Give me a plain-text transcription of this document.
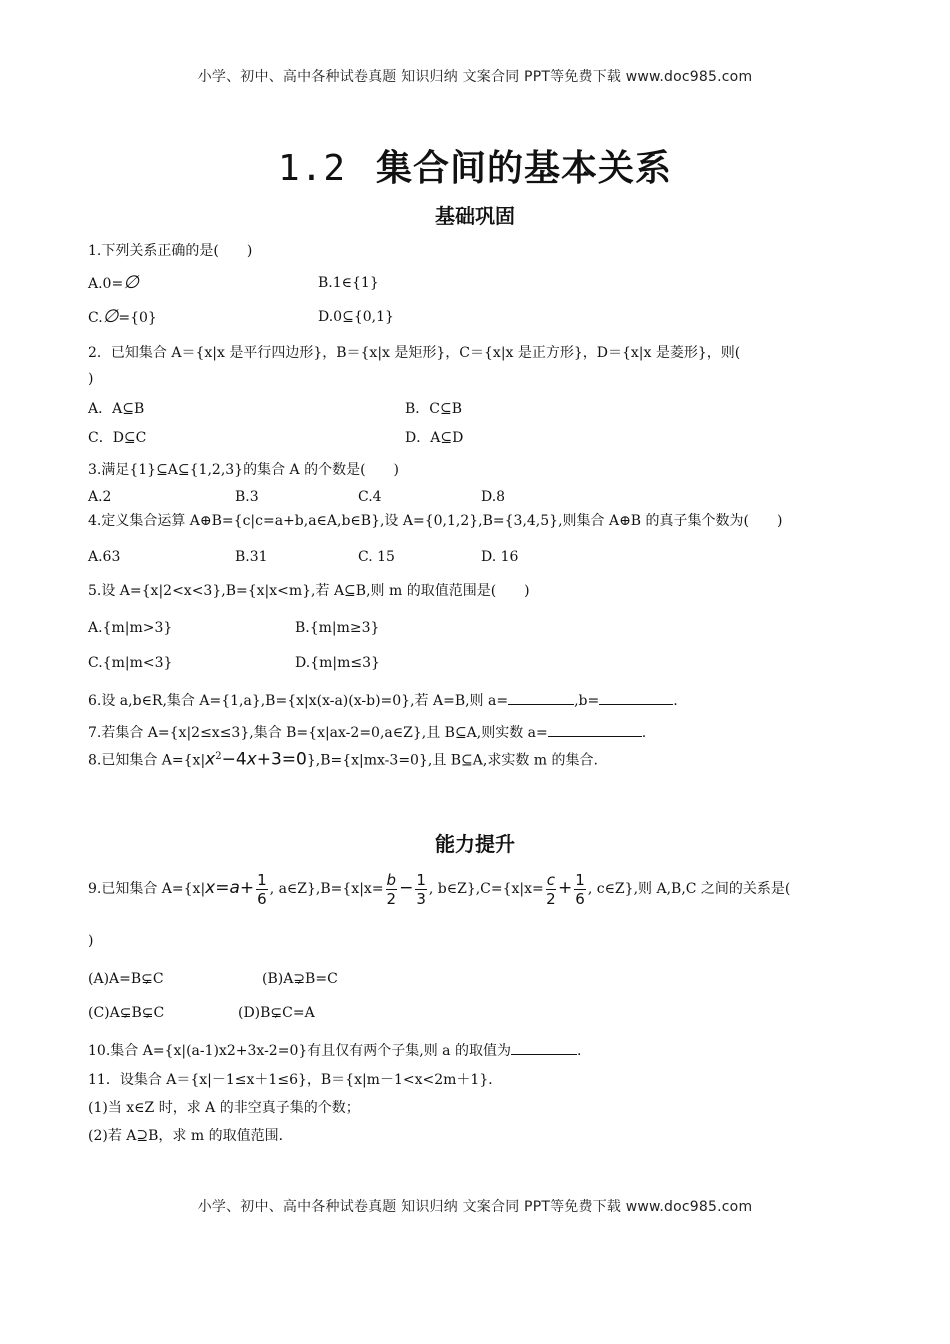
小学、初中、高中各种试卷真题 知识归纳 文案合同 PPT等免费下载 www.doc985.com
1.2 集合间的基本关系
基础巩固
1.下列关系正确的是(　　)
A.0=∅	B.1∈{1}
C.∅={0}	D.0⊆{0,1}
2．已知集合 A＝{x|x 是平行四边形}，B＝{x|x 是矩形}，C＝{x|x 是正方形}，D＝{x|x 是菱形}，则(
)
A．A⊆B	B．C⊆B
C．D⊆C	D．A⊆D
3.满足{1}⊆A⊆{1,2,3}的集合 A 的个数是(　　)
A.2	B.3	C.4	D.8
4.定义集合运算 A⊕B={c|c=a+b,a∈A,b∈B},设 A={0,1,2},B={3,4,5},则集合 A⊕B 的真子集个数为(　　)
A.63	B.31	C. 15	D. 16
5.设 A={x|2<x<3},B={x|x<m},若 A⊆B,则 m 的取值范围是(　　)
A.{m|m>3}	B.{m|m≥3}
C.{m|m<3}	D.{m|m≤3}
6.设 a,b∈R,集合 A={1,a},B={x|x(x-a)(x-b)=0},若 A=B,则 a=	,b=	.
7.若集合 A={x|2≤x≤3},集合 B={x|ax-2=0,a∈Z},且 B⊆A,则实数 a=	.
8.已知集合 $A=\{x|x^2-4x+3=0\},B=\{x|mx-3=0\}$,且 B⊆A,求实数 m 的集合.
能力提升
9.已知集合 $A=\{x|x=a+ \frac{1}{6}$ , a∈Z},B={x|x= $\frac{b}{2} - \frac{1}{3}$ , b∈Z},C={x|x= $\frac{c}{2} + \frac{1}{6}$ , c∈Z},则 A,B,C 之间的关系是(
)
(A)A=B⊊C	(B)A⊋B=C
(C)A⊊B⊊C	(D)B⊊C=A
10.集合 A={x|(a-1)x2+3x-2=0}有且仅有两个子集,则 a 的取值为	.
11．设集合 A＝{x|－1≤x＋1≤6}，B＝{x|m－1<x<2m＋1}．
(1)当 x∈Z 时，求 A 的非空真子集的个数；
(2)若 A⊇B，求 m 的取值范围．
小学、初中、高中各种试卷真题 知识归纳 文案合同 PPT等免费下载 www.doc985.com
